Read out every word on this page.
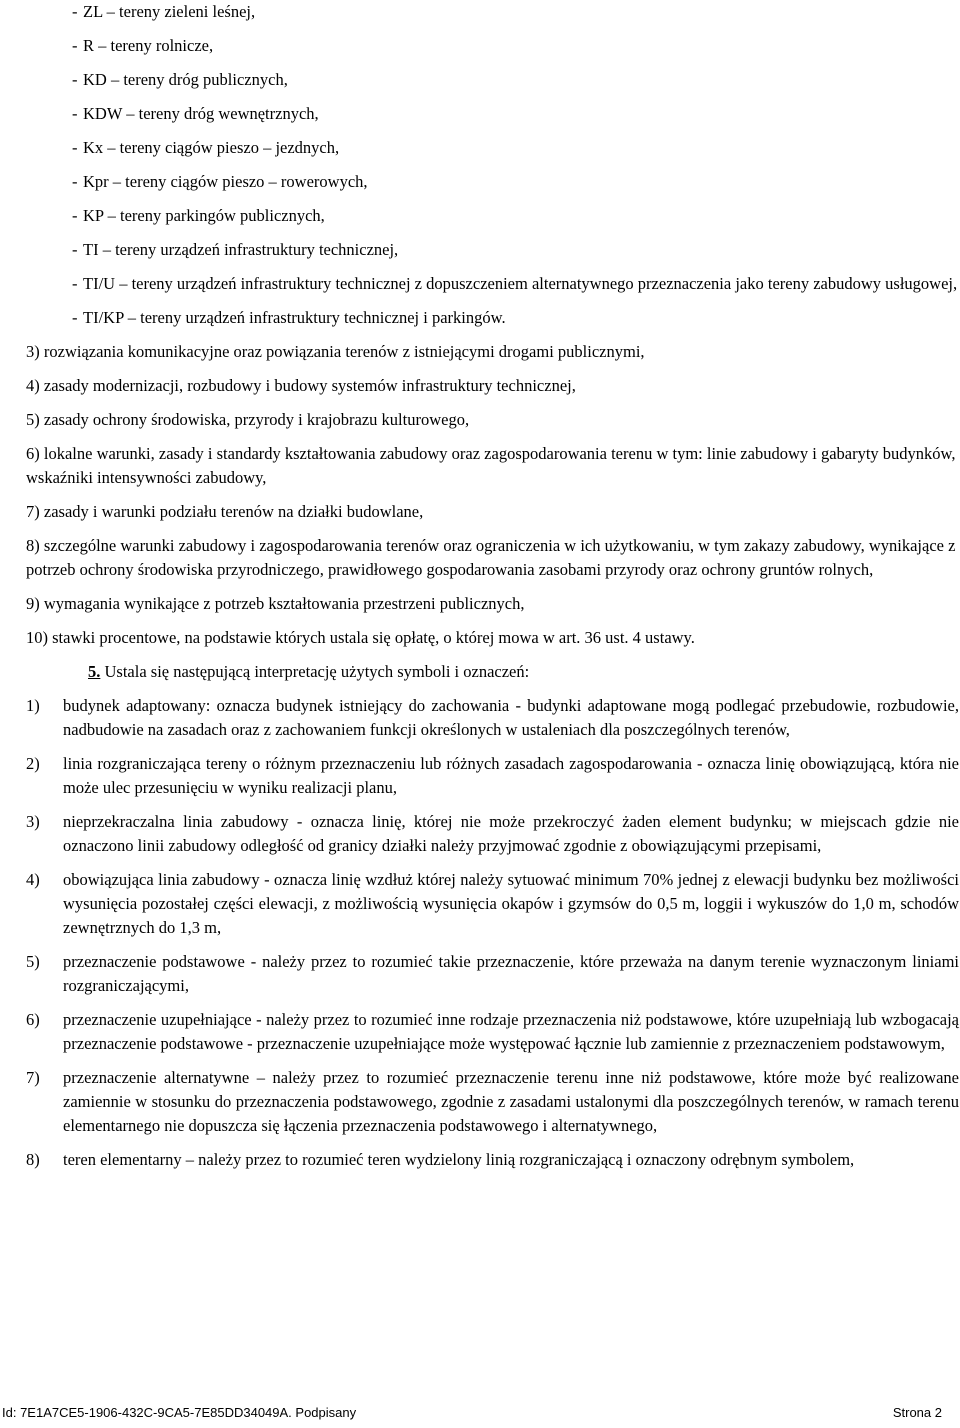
- ZL – tereny zieleni leśnej,
- R – tereny rolnicze,
- KD – tereny dróg publicznych,
- KDW – tereny dróg wewnętrznych,
- Kx – tereny ciągów pieszo – jezdnych,
- Kpr – tereny ciągów pieszo – rowerowych,
- KP – tereny parkingów publicznych,
- TI – tereny urządzeń infrastruktury technicznej,
- TI/U – tereny urządzeń infrastruktury technicznej z dopuszczeniem alternatywnego przeznaczenia jako tereny zabudowy usługowej,
- TI/KP – tereny urządzeń infrastruktury technicznej i parkingów.
3) rozwiązania komunikacyjne oraz powiązania terenów z istniejącymi drogami publicznymi,
4) zasady modernizacji, rozbudowy i budowy systemów infrastruktury technicznej,
5) zasady ochrony środowiska, przyrody i krajobrazu kulturowego,
6) lokalne warunki, zasady i standardy kształtowania zabudowy oraz zagospodarowania terenu w tym: linie zabudowy i gabaryty budynków, wskaźniki intensywności zabudowy,
7) zasady i warunki podziału terenów na działki budowlane,
8) szczególne warunki zabudowy i zagospodarowania terenów oraz ograniczenia w ich użytkowaniu, w tym zakazy zabudowy, wynikające z potrzeb ochrony środowiska przyrodniczego, prawidłowego gospodarowania zasobami przyrody oraz ochrony gruntów rolnych,
9) wymagania wynikające z potrzeb kształtowania przestrzeni publicznych,
10) stawki procentowe, na podstawie których ustala się opłatę, o której mowa w art. 36 ust. 4 ustawy.

5. Ustala się następującą interpretację użytych symboli i oznaczeń:

1)	budynek adaptowany: oznacza budynek istniejący do zachowania - budynki adaptowane mogą podlegać przebudowie, rozbudowie, nadbudowie na zasadach oraz z zachowaniem funkcji określonych w ustaleniach dla poszczególnych terenów,
2)	linia rozgraniczająca tereny o różnym przeznaczeniu lub różnych zasadach zagospodarowania - oznacza linię obowiązującą, która nie może ulec przesunięciu w wyniku realizacji planu,
3)	nieprzekraczalna linia zabudowy - oznacza linię, której nie może przekroczyć żaden element budynku; w miejscach gdzie nie oznaczono linii zabudowy odległość od granicy działki należy przyjmować zgodnie z obowiązującymi przepisami,
4)	obowiązująca linia zabudowy - oznacza linię wzdłuż której należy sytuować minimum 70% jednej z elewacji budynku bez możliwości wysunięcia pozostałej części elewacji, z możliwością wysunięcia okapów i gzymsów do 0,5 m, loggii i wykuszów do 1,0 m, schodów zewnętrznych do 1,3 m,
5)	przeznaczenie podstawowe - należy przez to rozumieć takie przeznaczenie, które przeważa na danym terenie wyznaczonym liniami rozgraniczającymi,
6)	przeznaczenie uzupełniające - należy przez to rozumieć inne rodzaje przeznaczenia niż podstawowe, które uzupełniają lub wzbogacają przeznaczenie podstawowe - przeznaczenie uzupełniające może występować łącznie lub zamiennie z przeznaczeniem podstawowym,
7)	przeznaczenie alternatywne – należy przez to rozumieć przeznaczenie terenu inne niż podstawowe, które może być realizowane zamiennie w stosunku do przeznaczenia podstawowego, zgodnie z zasadami ustalonymi dla poszczególnych terenów, w ramach terenu elementarnego nie dopuszcza się łączenia przeznaczenia podstawowego i alternatywnego,
8)	teren elementarny – należy przez to rozumieć teren wydzielony linią rozgraniczającą i oznaczony odrębnym symbolem,
Id: 7E1A7CE5-1906-432C-9CA5-7E85DD34049A. Podpisany	Strona 2
